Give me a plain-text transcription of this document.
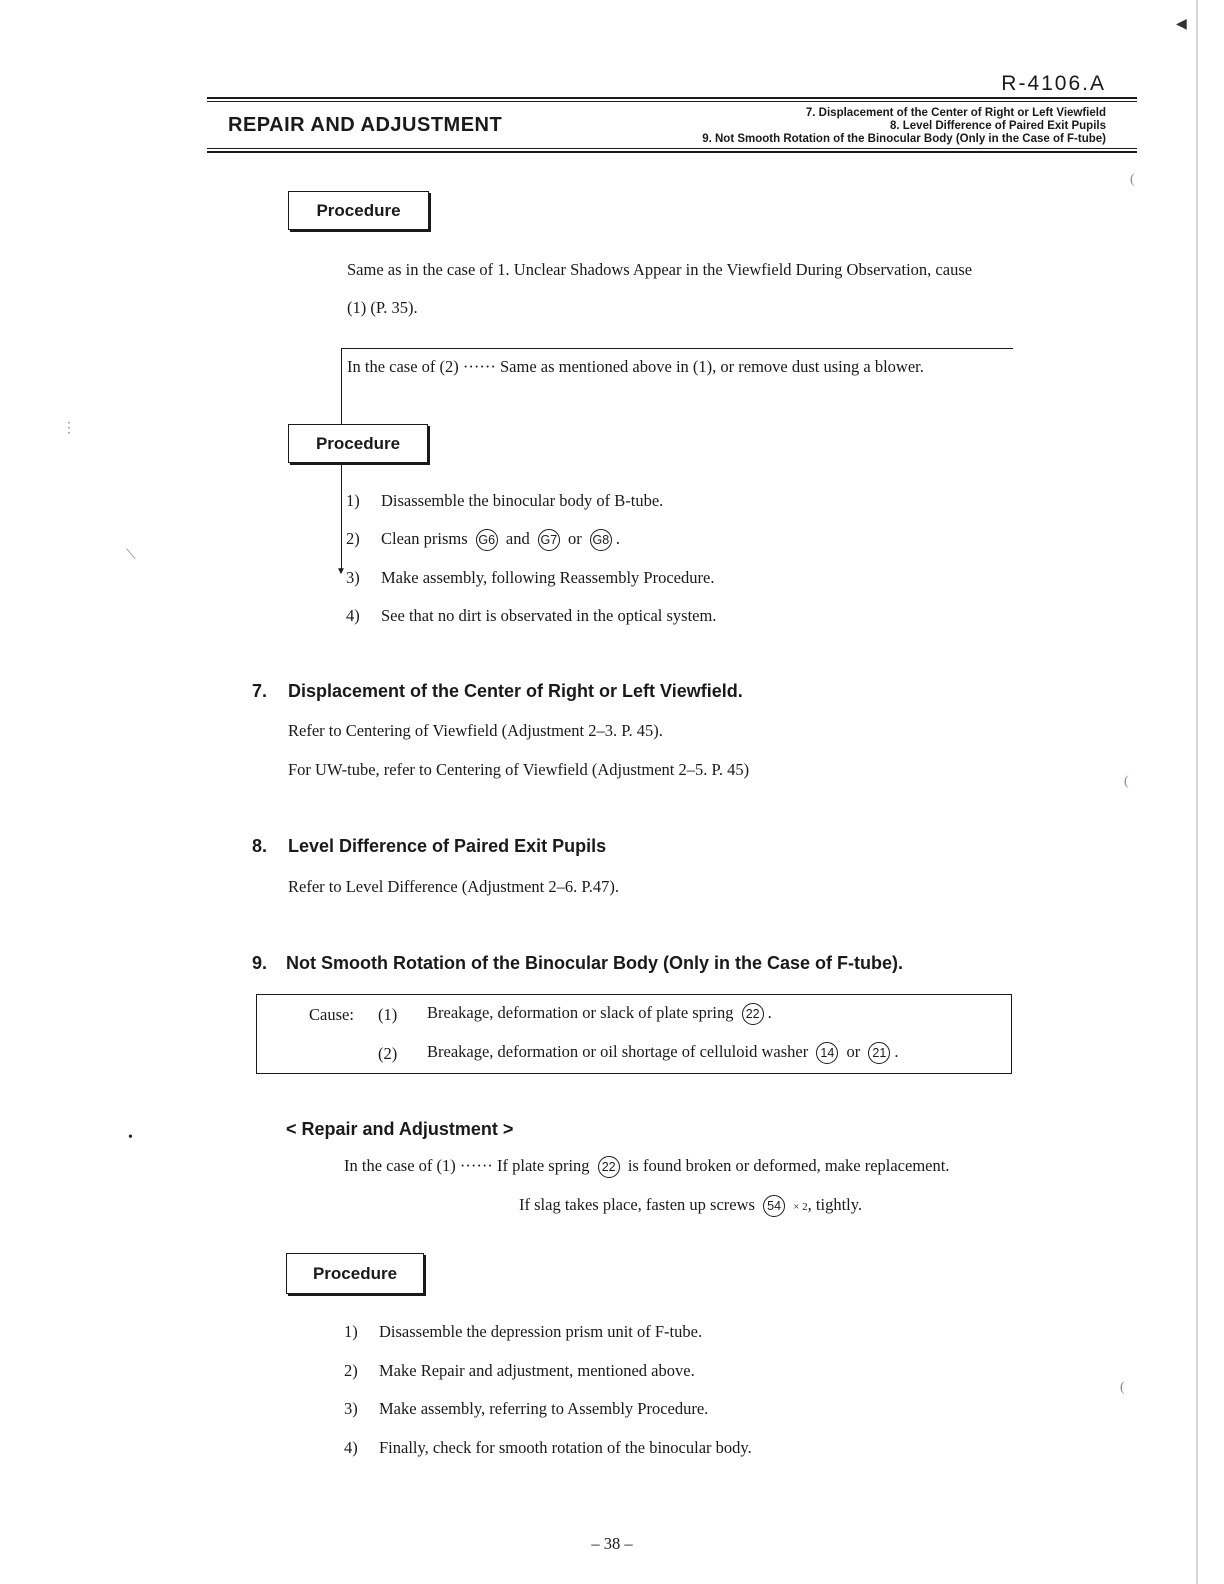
R-4106.A
REPAIR AND ADJUSTMENT
7. Displacement of the Center of Right or Left Viewfield
8. Level Difference of Paired Exit Pupils
9. Not Smooth Rotation of the Binocular Body (Only in the Case of F-tube)
Procedure
Same as in the case of 1. Unclear Shadows Appear in the Viewfield During Observation, cause
(1) (P. 35).
In the case of (2) ······ Same as mentioned above in (1), or remove dust using a blower.
Procedure
▼
1) Disassemble the binocular body of B-tube.
2) Clean prisms G6 and G7 or G8 .
3) Make assembly, following Reassembly Procedure.
4) See that no dirt is observated in the optical system.
7. Displacement of the Center of Right or Left Viewfield.
Refer to Centering of Viewfield (Adjustment 2–3. P. 45).
For UW-tube, refer to Centering of Viewfield (Adjustment 2–5. P. 45)
8. Level Difference of Paired Exit Pupils
Refer to Level Difference (Adjustment 2–6. P.47).
9. Not Smooth Rotation of the Binocular Body (Only in the Case of F-tube).
Cause: (1) Breakage, deformation or slack of plate spring 22 .
(2) Breakage, deformation or oil shortage of celluloid washer 14 or 21 .
< Repair and Adjustment >
In the case of (1) ······ If plate spring 22 is found broken or deformed, make replacement.
If slag takes place, fasten up screws 54 × 2, tightly.
Procedure
1) Disassemble the depression prism unit of F-tube.
2) Make Repair and adjustment, mentioned above.
3) Make assembly, referring to Assembly Procedure.
4) Finally, check for smooth rotation of the binocular body.
– 38 –
◀
(
(
(
⋮
⟍
•
